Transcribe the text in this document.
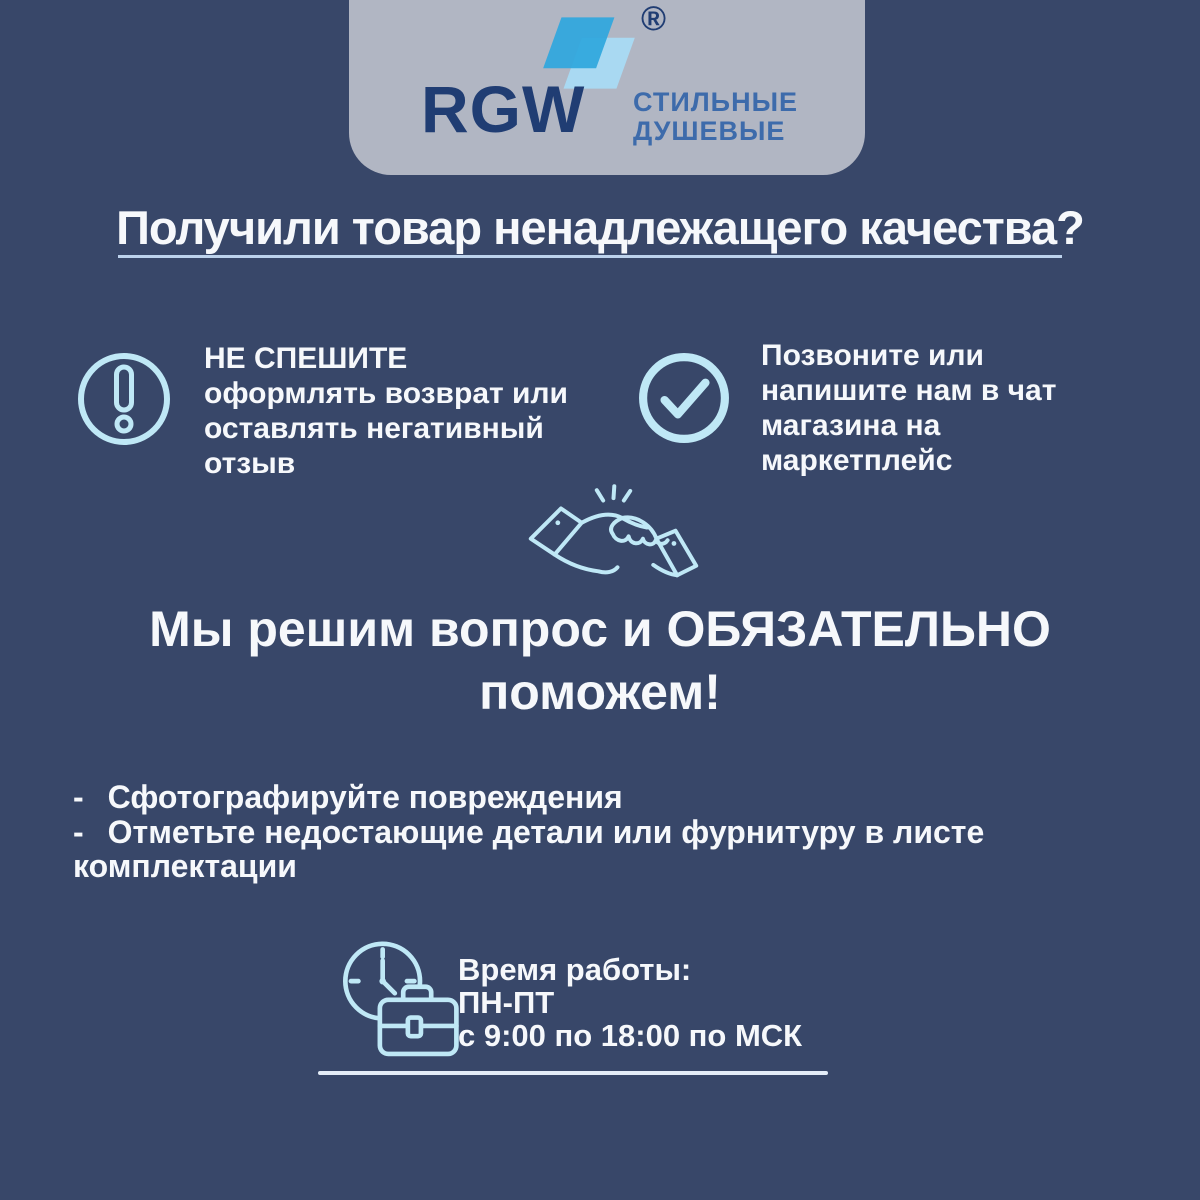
®
RGW СТИЛЬНЫЕ
ДУШЕВЫЕ
Получили товар ненадлежащего качества?
НЕ СПЕШИТЕ
оформлять возврат или
оставлять негативный
отзыв
Позвоните или
напишите нам в чат
магазина на
маркетплейс
Мы решим вопрос и ОБЯЗАТЕЛЬНО
поможем!
- Сфотографируйте повреждения
- Отметьте недостающие детали или фурнитуру в листе
комплектации
Время работы:
ПН-ПТ
с 9:00 по 18:00 по МСК
